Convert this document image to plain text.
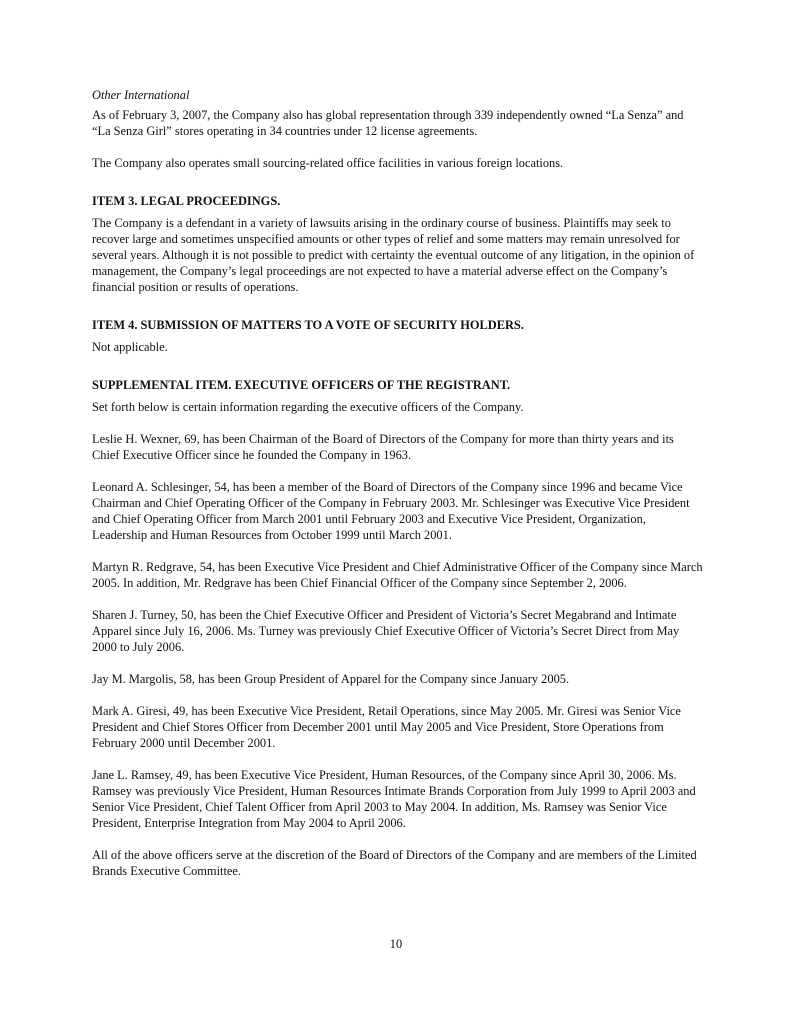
Other International

As of February 3, 2007, the Company also has global representation through 339 independently owned “La Senza” and “La Senza Girl” stores operating in 34 countries under 12 license agreements.

The Company also operates small sourcing-related office facilities in various foreign locations.

ITEM 3. LEGAL PROCEEDINGS.

The Company is a defendant in a variety of lawsuits arising in the ordinary course of business. Plaintiffs may seek to recover large and sometimes unspecified amounts or other types of relief and some matters may remain unresolved for several years. Although it is not possible to predict with certainty the eventual outcome of any litigation, in the opinion of management, the Company’s legal proceedings are not expected to have a material adverse effect on the Company’s financial position or results of operations.

ITEM 4. SUBMISSION OF MATTERS TO A VOTE OF SECURITY HOLDERS.

Not applicable.

SUPPLEMENTAL ITEM. EXECUTIVE OFFICERS OF THE REGISTRANT.

Set forth below is certain information regarding the executive officers of the Company.

Leslie H. Wexner, 69, has been Chairman of the Board of Directors of the Company for more than thirty years and its Chief Executive Officer since he founded the Company in 1963.

Leonard A. Schlesinger, 54, has been a member of the Board of Directors of the Company since 1996 and became Vice Chairman and Chief Operating Officer of the Company in February 2003. Mr. Schlesinger was Executive Vice President and Chief Operating Officer from March 2001 until February 2003 and Executive Vice President, Organization, Leadership and Human Resources from October 1999 until March 2001.

Martyn R. Redgrave, 54, has been Executive Vice President and Chief Administrative Officer of the Company since March 2005. In addition, Mr. Redgrave has been Chief Financial Officer of the Company since September 2, 2006.

Sharen J. Turney, 50, has been the Chief Executive Officer and President of Victoria’s Secret Megabrand and Intimate Apparel since July 16, 2006. Ms. Turney was previously Chief Executive Officer of Victoria’s Secret Direct from May 2000 to July 2006.

Jay M. Margolis, 58, has been Group President of Apparel for the Company since January 2005.

Mark A. Giresi, 49, has been Executive Vice President, Retail Operations, since May 2005. Mr. Giresi was Senior Vice President and Chief Stores Officer from December 2001 until May 2005 and Vice President, Store Operations from February 2000 until December 2001.

Jane L. Ramsey, 49, has been Executive Vice President, Human Resources, of the Company since April 30, 2006. Ms. Ramsey was previously Vice President, Human Resources Intimate Brands Corporation from July 1999 to April 2003 and Senior Vice President, Chief Talent Officer from April 2003 to May 2004. In addition, Ms. Ramsey was Senior Vice President, Enterprise Integration from May 2004 to April 2006.

All of the above officers serve at the discretion of the Board of Directors of the Company and are members of the Limited Brands Executive Committee.

10
